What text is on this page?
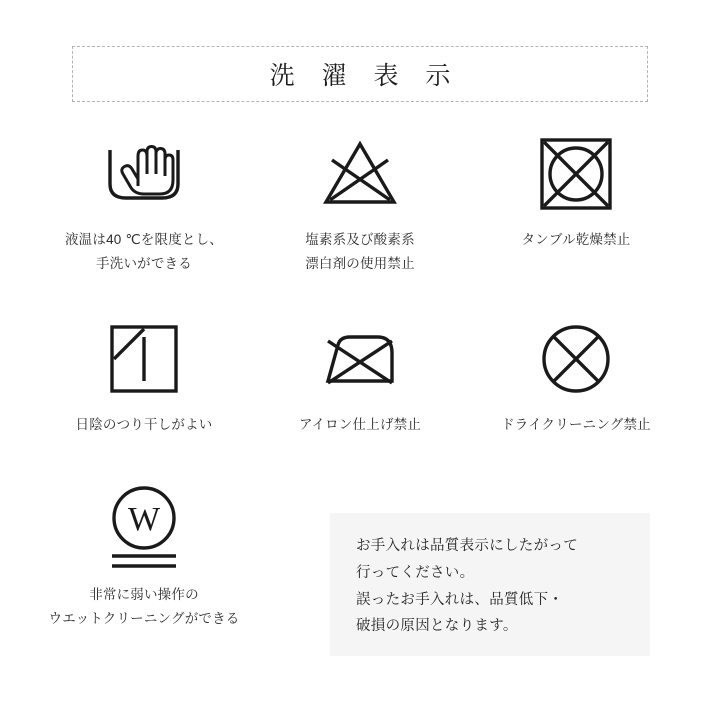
洗 濯 表 示
液温は40 ℃を限度とし、
手洗いができる
塩素系及び酸素系
漂白剤の使用禁止
タンブル乾燥禁止
日陰のつり干しがよい	アイロン仕上げ禁止	ドライクリーニング禁止
W
非常に弱い操作の
ウエットクリーニングができる
お手入れは品質表示にしたがって
行ってください。
誤ったお手入れは、品質低下・
破損の原因となります。
